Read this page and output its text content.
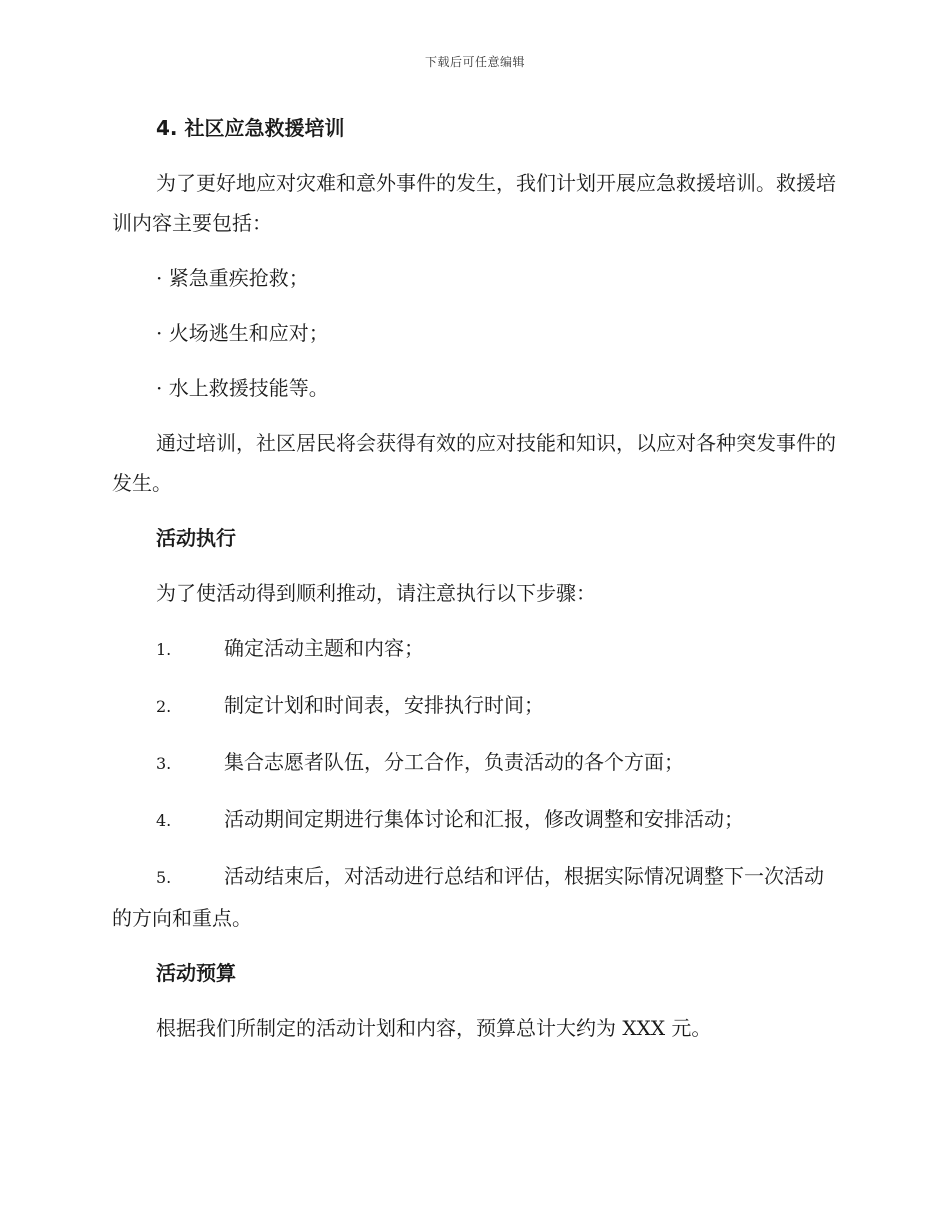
下载后可任意编辑
4. 社区应急救援培训

为了更好地应对灾难和意外事件的发生，我们计划开展应急救援培训。救援培训内容主要包括：

· 紧急重疾抢救；
· 火场逃生和应对；
· 水上救援技能等。

通过培训，社区居民将会获得有效的应对技能和知识，以应对各种突发事件的发生。

活动执行

为了使活动得到顺利推动，请注意执行以下步骤：

1.	确定活动主题和内容；

2.	制定计划和时间表，安排执行时间；

3.	集合志愿者队伍，分工合作，负责活动的各个方面；

4.	活动期间定期进行集体讨论和汇报，修改调整和安排活动；

5.	活动结束后，对活动进行总结和评估，根据实际情况调整下一次活动的方向和重点。

活动预算

根据我们所制定的活动计划和内容，预算总计大约为 XXX 元。
